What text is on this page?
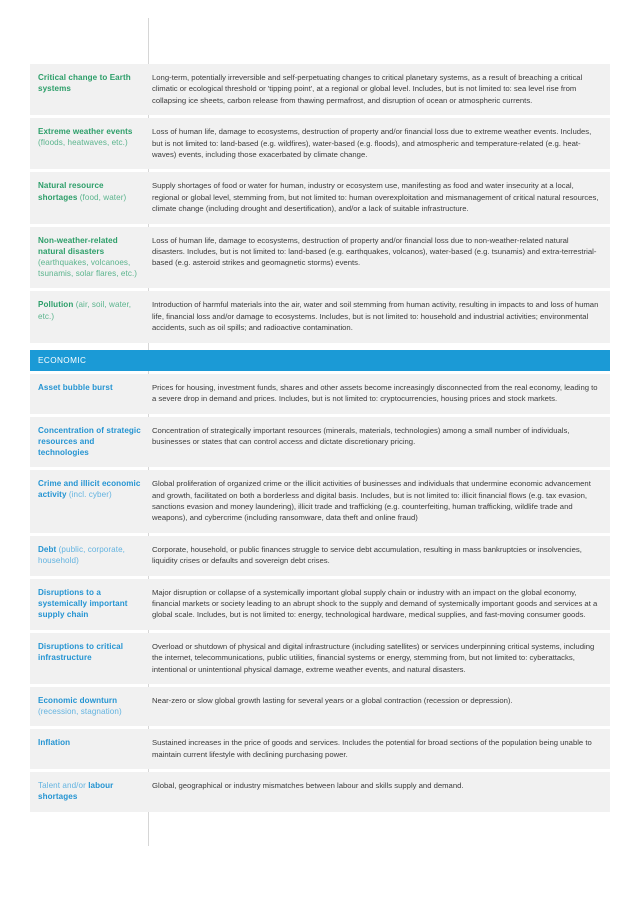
Critical change to Earth systems
Long-term, potentially irreversible and self-perpetuating changes to critical planetary systems, as a result of breaching a critical climatic or ecological threshold or 'tipping point', at a regional or global level. Includes, but is not limited to: sea level rise from collapsing ice sheets, carbon release from thawing permafrost, and disruption of ocean or atmospheric currents.
Extreme weather events (floods, heatwaves, etc.)
Loss of human life, damage to ecosystems, destruction of property and/or financial loss due to extreme weather events. Includes, but is not limited to: land-based (e.g. wildfires), water-based (e.g. floods), and atmospheric and temperature-related (e.g. heat-waves) events, including those exacerbated by climate change.
Natural resource shortages (food, water)
Supply shortages of food or water for human, industry or ecosystem use, manifesting as food and water insecurity at a local, regional or global level, stemming from, but not limited to: human overexploitation and mismanagement of critical natural resources, climate change (including drought and desertification), and/or a lack of suitable infrastructure.
Non-weather-related natural disasters (earthquakes, volcanoes, tsunamis, solar flares, etc.)
Loss of human life, damage to ecosystems, destruction of property and/or financial loss due to non-weather-related natural disasters. Includes, but is not limited to: land-based (e.g. earthquakes, volcanos), water-based (e.g. tsunamis) and extra-terrestrial-based (e.g. asteroid strikes and geomagnetic storms) events.
Pollution (air, soil, water, etc.)
Introduction of harmful materials into the air, water and soil stemming from human activity, resulting in impacts to and loss of human life, financial loss and/or damage to ecosystems. Includes, but is not limited to: household and industrial activities; environmental accidents, such as oil spills; and radioactive contamination.
ECONOMIC
Asset bubble burst	Prices for housing, investment funds, shares and other assets become increasingly disconnected from the real economy, leading to a severe drop in demand and prices. Includes, but is not limited to: cryptocurrencies, housing prices and stock markets.
Concentration of strategic resources and technologies
Concentration of strategically important resources (minerals, materials, technologies) among a small number of individuals, businesses or states that can control access and dictate discretionary pricing.
Crime and illicit economic activity (incl. cyber)
Global proliferation of organized crime or the illicit activities of businesses and individuals that undermine economic advancement and growth, facilitated on both a borderless and digital basis. Includes, but is not limited to: illicit financial flows (e.g. tax evasion, sanctions evasion and money laundering), illicit trade and trafficking (e.g. counterfeiting, human trafficking, wildlife trade and weapons), and cybercrime (including ransomware, data theft and online fraud)
Debt (public, corporate, household)
Corporate, household, or public finances struggle to service debt accumulation, resulting in mass bankruptcies or insolvencies, liquidity crises or defaults and sovereign debt crises.
Disruptions to a systemically important supply chain
Major disruption or collapse of a systemically important global supply chain or industry with an impact on the global economy, financial markets or society leading to an abrupt shock to the supply and demand of systemically important goods and services at a global scale. Includes, but is not limited to: energy, technological hardware, medical supplies, and fast-moving consumer goods.
Disruptions to critical infrastructure
Overload or shutdown of physical and digital infrastructure (including satellites) or services underpinning critical systems, including the internet, telecommunications, public utilities, financial systems or energy, stemming from, but not limited to: cyberattacks, intentional or unintentional physical damage, extreme weather events, and natural disasters.
Economic downturn (recession, stagnation)
Near-zero or slow global growth lasting for several years or a global contraction (recession or depression).
Inflation	Sustained increases in the price of goods and services. Includes the potential for broad sections of the population being unable to maintain current lifestyle with declining purchasing power.
Talent and/or labour shortages
Global, geographical or industry mismatches between labour and skills supply and demand.
